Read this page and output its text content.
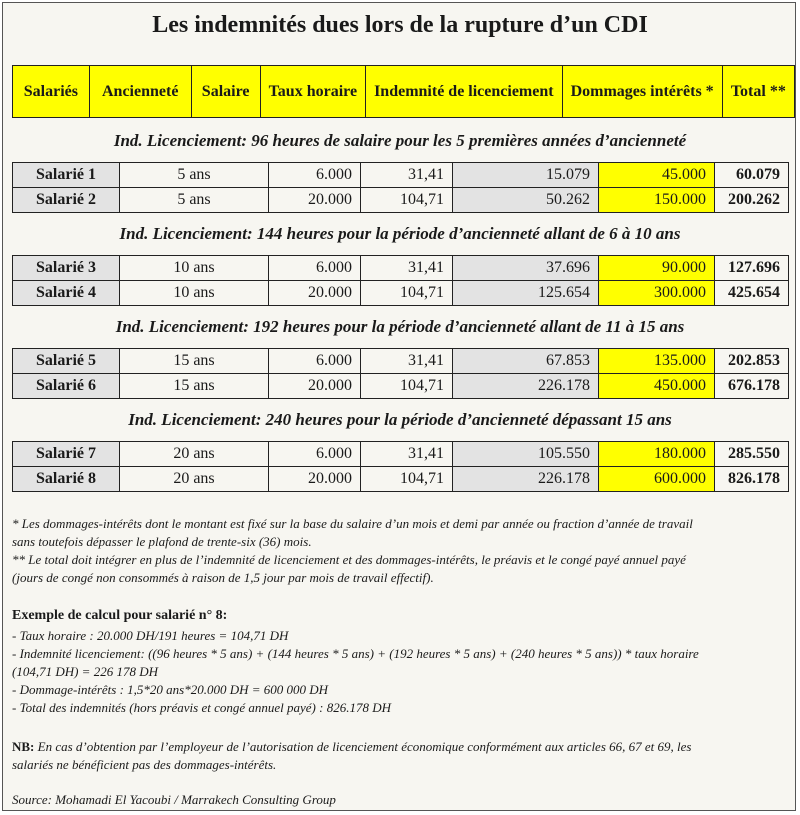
Les indemnités dues lors de la rupture d’un CDI
Salariés	Ancienneté	Salaire	Taux horaire	Indemnité de licenciement	Dommages intérêts *	Total **
Ind. Licenciement: 96 heures de salaire pour les 5 premières années d’ancienneté
Salarié 1	5 ans	6.000	31,41	15.079	45.000	60.079
Salarié 2	5 ans	20.000	104,71	50.262	150.000	200.262
Ind. Licenciement: 144 heures pour la période d’ancienneté allant de 6 à 10 ans
Salarié 3	10 ans	6.000	31,41	37.696	90.000	127.696
Salarié 4	10 ans	20.000	104,71	125.654	300.000	425.654
Ind. Licenciement: 192 heures pour la période d’ancienneté allant de 11 à 15 ans
Salarié 5	15 ans	6.000	31,41	67.853	135.000	202.853
Salarié 6	15 ans	20.000	104,71	226.178	450.000	676.178
Ind. Licenciement: 240 heures pour la période d’ancienneté dépassant 15 ans
Salarié 7	20 ans	6.000	31,41	105.550	180.000	285.550
Salarié 8	20 ans	20.000	104,71	226.178	600.000	826.178
* Les dommages-intérêts dont le montant est fixé sur la base du salaire d’un mois et demi par année ou fraction d’année de travail
sans toutefois dépasser le plafond de trente-six (36) mois.
** Le total doit intégrer en plus de l’indemnité de licenciement et des dommages-intérêts, le préavis et le congé payé annuel payé
(jours de congé non consommés à raison de 1,5 jour par mois de travail effectif).
Exemple de calcul pour salarié n° 8:
- Taux horaire : 20.000 DH/191 heures = 104,71 DH
- Indemnité licenciement: ((96 heures * 5 ans) + (144 heures * 5 ans) + (192 heures * 5 ans) + (240 heures * 5 ans)) * taux horaire
(104,71 DH) = 226 178 DH
- Dommage-intérêts : 1,5*20 ans*20.000 DH = 600 000 DH
- Total des indemnités (hors préavis et congé annuel payé) : 826.178 DH
NB: En cas d’obtention par l’employeur de l’autorisation de licenciement économique conformément aux articles 66, 67 et 69, les
salariés ne bénéficient pas des dommages-intérêts.
Source: Mohamadi El Yacoubi / Marrakech Consulting Group
